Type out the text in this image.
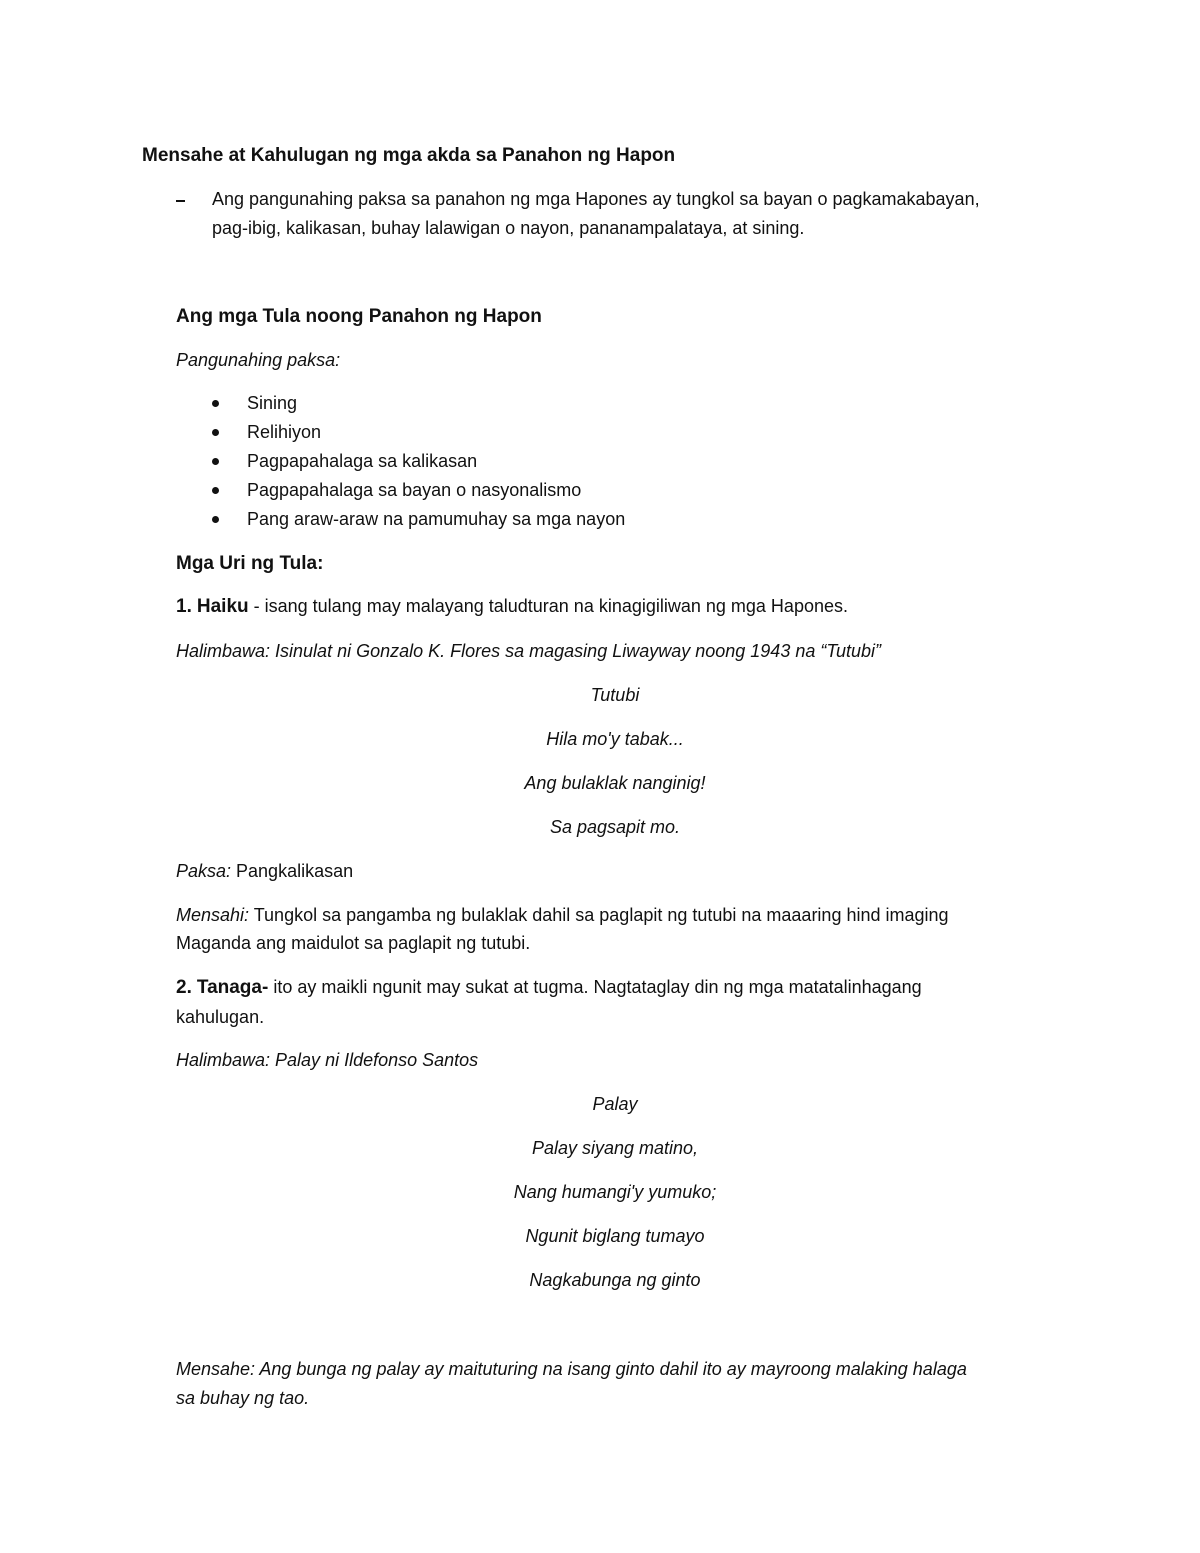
Mensahe at Kahulugan ng mga akda sa Panahon ng Hapon
Ang pangunahing paksa sa panahon ng mga Hapones ay tungkol sa bayan o pagkamakabayan,
pag-ibig, kalikasan, buhay lalawigan o nayon, pananampalataya, at sining.
Ang mga Tula noong Panahon ng Hapon
Pangunahing paksa:
Sining
Relihiyon
Pagpapahalaga sa kalikasan
Pagpapahalaga sa bayan o nasyonalismo
Pang araw-araw na pamumuhay sa mga nayon
Mga Uri ng Tula:
1. Haiku - isang tulang may malayang taludturan na kinagigiliwan ng mga Hapones.
Halimbawa: Isinulat ni Gonzalo K. Flores sa magasing Liwayway noong 1943 na “Tutubi”
Tutubi
Hila mo'y tabak...
Ang bulaklak nanginig!
Sa pagsapit mo.
Paksa: Pangkalikasan
Mensahi: Tungkol sa pangamba ng bulaklak dahil sa paglapit ng tutubi na maaaring hind imaging
Maganda ang maidulot sa paglapit ng tutubi.
2. Tanaga- ito ay maikli ngunit may sukat at tugma. Nagtataglay din ng mga matatalinhagang
kahulugan.
Halimbawa: Palay ni Ildefonso Santos
Palay
Palay siyang matino,
Nang humangi'y yumuko;
Ngunit biglang tumayo
Nagkabunga ng ginto
Mensahe: Ang bunga ng palay ay maituturing na isang ginto dahil ito ay mayroong malaking halaga
sa buhay ng tao.
